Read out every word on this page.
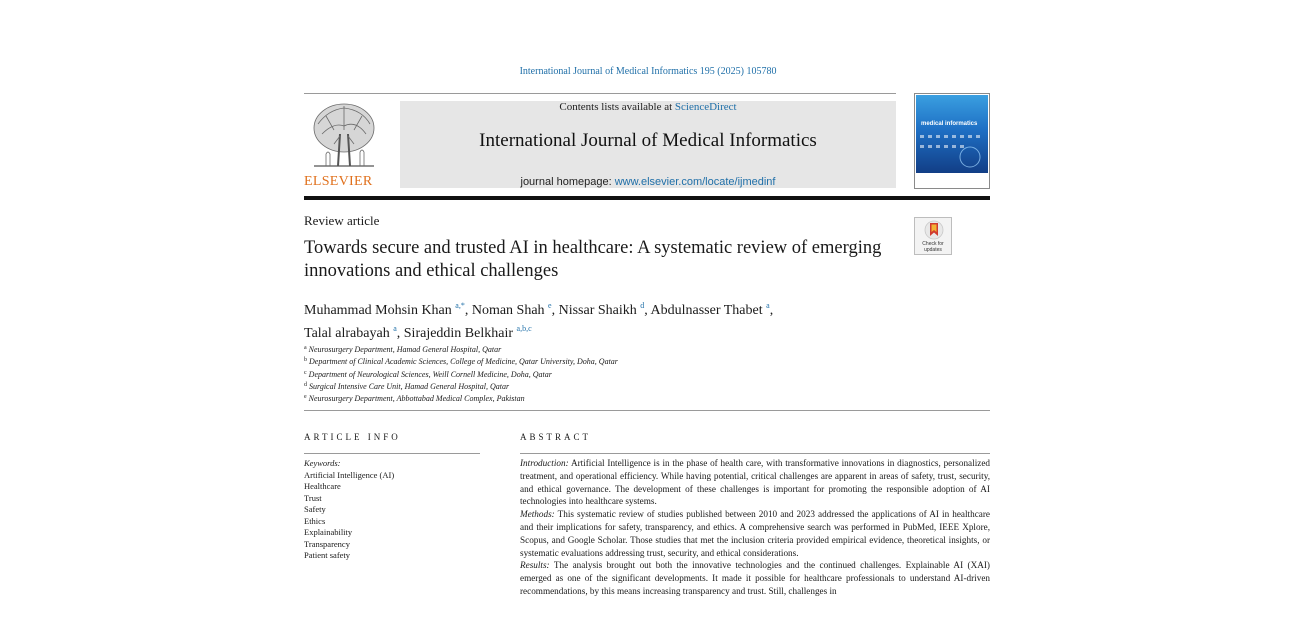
International Journal of Medical Informatics 195 (2025) 105780
ELSEVIER
Contents lists available at ScienceDirect
International Journal of Medical Informatics
journal homepage: www.elsevier.com/locate/ijmedinf
medical informatics
Review article
Towards secure and trusted AI in healthcare: A systematic review of emerging innovations and ethical challenges
Check for
updates
Muhammad Mohsin Khan $^{a,*}$, Noman Shah $^e$, Nissar Shaikh $^d$, Abdulnasser Thabet $^a$,
Talal alrabayah $^a$, Sirajeddin Belkhair $^{a,b,c}$
$^a$ Neurosurgery Department, Hamad General Hospital, Qatar
$^b$ Department of Clinical Academic Sciences, College of Medicine, Qatar University, Doha, Qatar
$^c$ Department of Neurological Sciences, Weill Cornell Medicine, Doha, Qatar
$^d$ Surgical Intensive Care Unit, Hamad General Hospital, Qatar
$^e$ Neurosurgery Department, Abbottabad Medical Complex, Pakistan
ARTICLE INFO
Keywords:
Artificial Intelligence (AI)
Healthcare
Trust
Safety
Ethics
Explainability
Transparency
Patient safety
ABSTRACT
Introduction: Artificial Intelligence is in the phase of health care, with transformative innovations in diagnostics, personalized treatment, and operational efficiency. While having potential, critical challenges are apparent in areas of safety, trust, security, and ethical governance. The development of these challenges is important for promoting the responsible adoption of AI technologies into healthcare systems.
Methods: This systematic review of studies published between 2010 and 2023 addressed the applications of AI in healthcare and their implications for safety, transparency, and ethics. A comprehensive search was performed in PubMed, IEEE Xplore, Scopus, and Google Scholar. Those studies that met the inclusion criteria provided empirical evidence, theoretical insights, or systematic evaluations addressing trust, security, and ethical considerations.
Results: The analysis brought out both the innovative technologies and the continued challenges. Explainable AI (XAI) emerged as one of the significant developments. It made it possible for healthcare professionals to understand AI-driven recommendations, by this means increasing transparency and trust. Still, challenges in
